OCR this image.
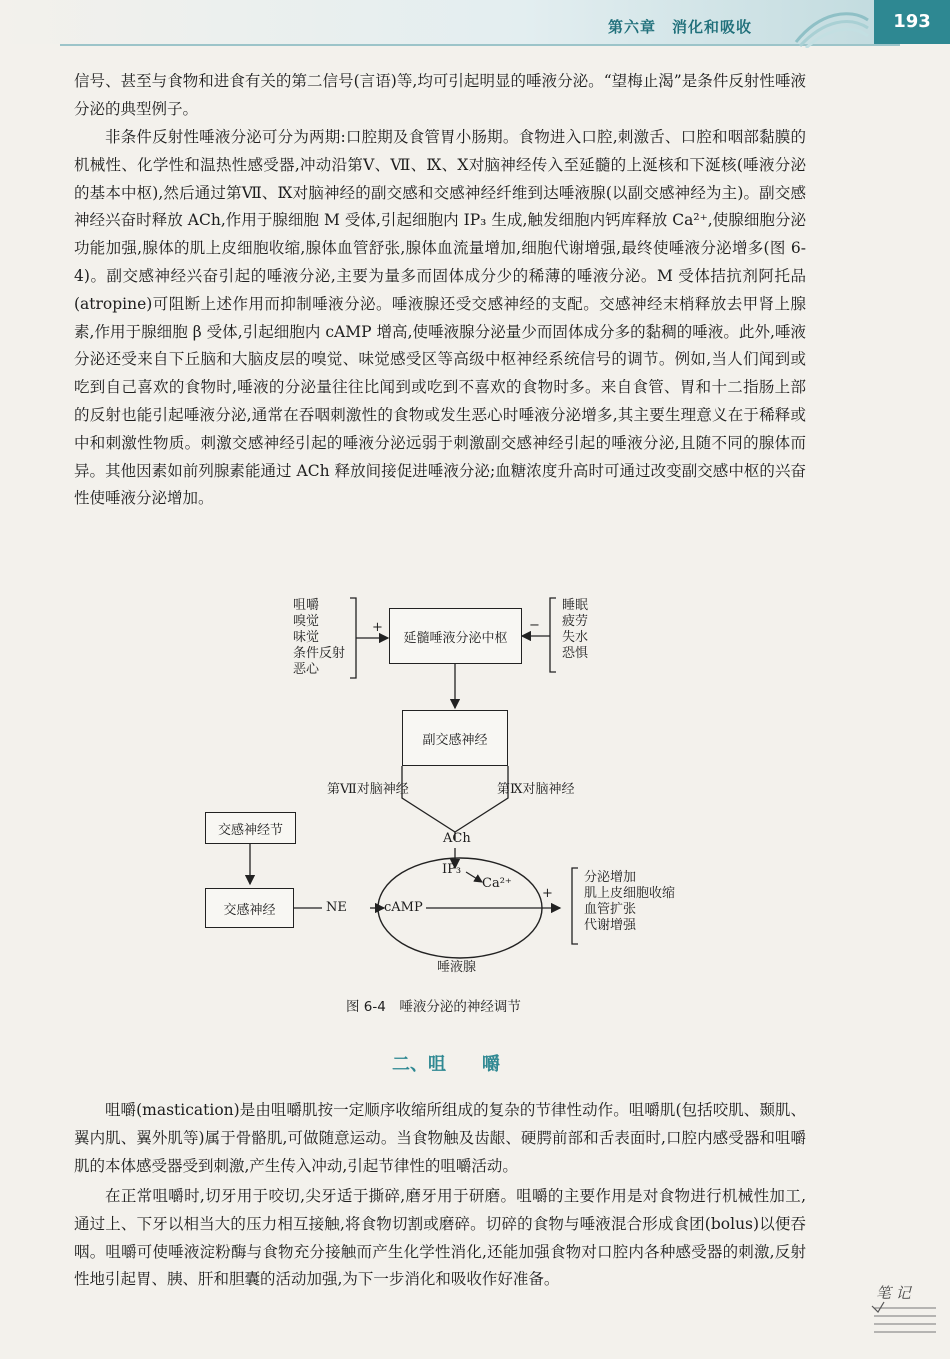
第六章　消化和吸收	193

信号、甚至与食物和进食有关的第二信号(言语)等,均可引起明显的唾液分泌。“望梅止渴”是条件反射性唾液分泌的典型例子。

非条件反射性唾液分泌可分为两期:口腔期及食管胃小肠期。食物进入口腔,刺激舌、口腔和咽部黏膜的机械性、化学性和温热性感受器,冲动沿第Ⅴ、Ⅶ、Ⅸ、Ⅹ对脑神经传入至延髓的上涎核和下涎核(唾液分泌的基本中枢),然后通过第Ⅶ、Ⅸ对脑神经的副交感和交感神经纤维到达唾液腺(以副交感神经为主)。副交感神经兴奋时释放 ACh,作用于腺细胞 M 受体,引起细胞内 IP₃ 生成,触发细胞内钙库释放 Ca²⁺,使腺细胞分泌功能加强,腺体的肌上皮细胞收缩,腺体血管舒张,腺体血流量增加,细胞代谢增强,最终使唾液分泌增多(图 6-4)。副交感神经兴奋引起的唾液分泌,主要为量多而固体成分少的稀薄的唾液分泌。M 受体拮抗剂阿托品(atropine)可阻断上述作用而抑制唾液分泌。唾液腺还受交感神经的支配。交感神经末梢释放去甲肾上腺素,作用于腺细胞 β 受体,引起细胞内 cAMP 增高,使唾液腺分泌量少而固体成分多的黏稠的唾液。此外,唾液分泌还受来自下丘脑和大脑皮层的嗅觉、味觉感受区等高级中枢神经系统信号的调节。例如,当人们闻到或吃到自己喜欢的食物时,唾液的分泌量往往比闻到或吃到不喜欢的食物时多。来自食管、胃和十二指肠上部的反射也能引起唾液分泌,通常在吞咽刺激性的食物或发生恶心时唾液分泌增多,其主要生理意义在于稀释或中和刺激性物质。刺激交感神经引起的唾液分泌远弱于刺激副交感神经引起的唾液分泌,且随不同的腺体而异。其他因素如前列腺素能通过 ACh 释放间接促进唾液分泌;血糖浓度升高时可通过改变副交感中枢的兴奋性使唾液分泌增加。

咀嚼
嗅觉
味觉
条件反射
恶心
+
延髓唾液分泌中枢
−
睡眠
疲劳
失水
恐惧
副交感神经
第Ⅶ对脑神经	第Ⅸ对脑神经
ACh
交感神经节
交感神经	NE	cAMP
IP₃
Ca²⁺
+
唾液腺
分泌增加
肌上皮细胞收缩
血管扩张
代谢增强
图 6-4　唾液分泌的神经调节
二、咀　　嚼

咀嚼(mastication)是由咀嚼肌按一定顺序收缩所组成的复杂的节律性动作。咀嚼肌(包括咬肌、颞肌、翼内肌、翼外肌等)属于骨骼肌,可做随意运动。当食物触及齿龈、硬腭前部和舌表面时,口腔内感受器和咀嚼肌的本体感受器受到刺激,产生传入冲动,引起节律性的咀嚼活动。

在正常咀嚼时,切牙用于咬切,尖牙适于撕碎,磨牙用于研磨。咀嚼的主要作用是对食物进行机械性加工,通过上、下牙以相当大的压力相互接触,将食物切割或磨碎。切碎的食物与唾液混合形成食团(bolus)以便吞咽。咀嚼可使唾液淀粉酶与食物充分接触而产生化学性消化,还能加强食物对口腔内各种感受器的刺激,反射性地引起胃、胰、肝和胆囊的活动加强,为下一步消化和吸收作好准备。

笔 记
